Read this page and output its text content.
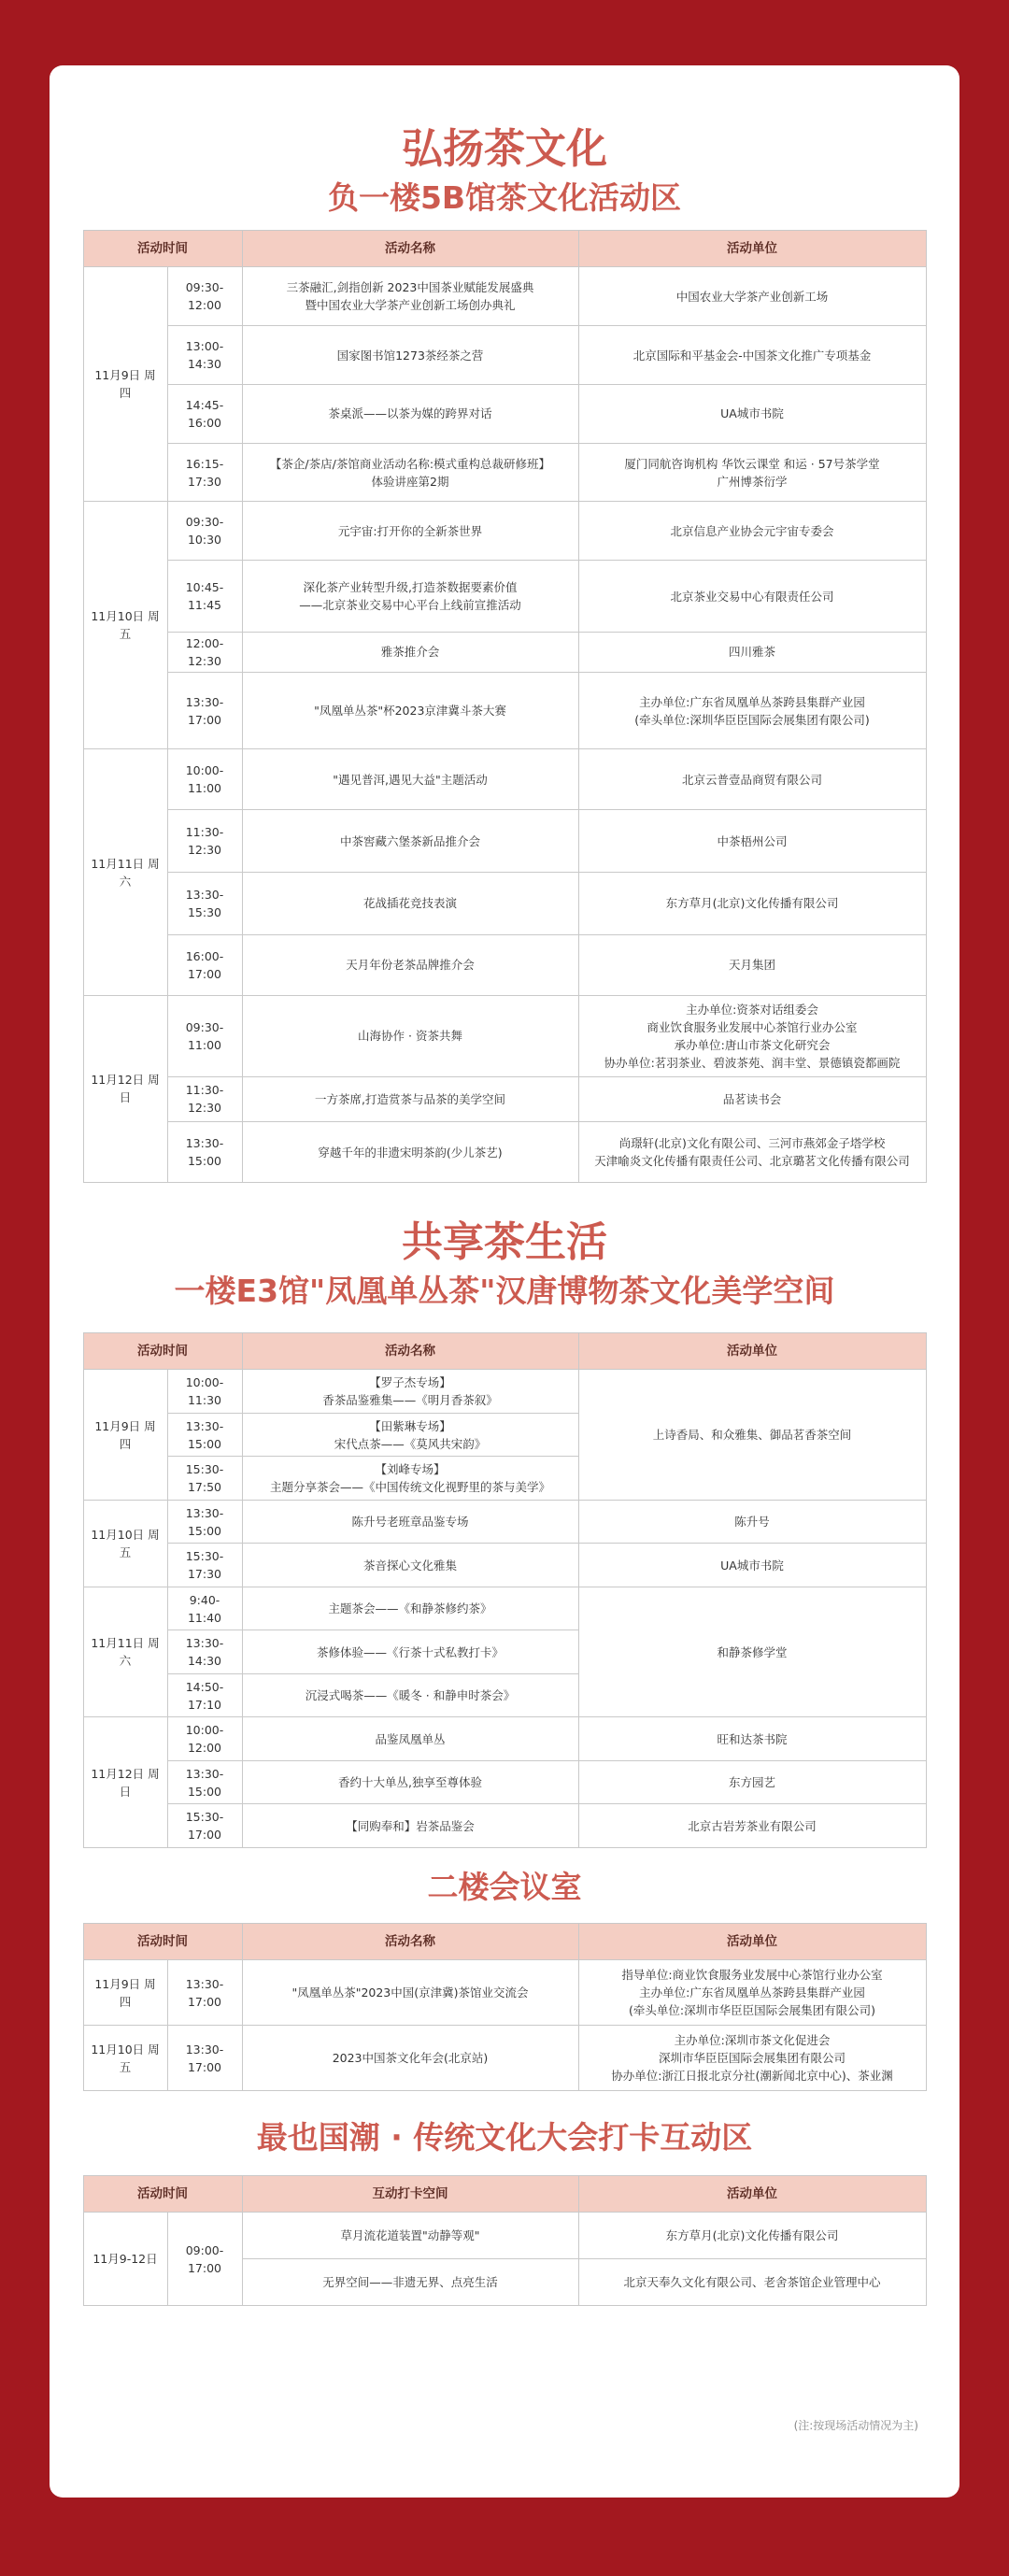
弘扬茶文化
负一楼5B馆茶文化活动区
活动时间		活动名称	活动单位
11月9日 周四	09:30-12:00	三茶融汇,剑指创新 2023中国茶业赋能发展盛典
暨中国农业大学茶产业创新工场创办典礼	中国农业大学茶产业创新工场
	13:00-14:30	国家图书馆1273茶经茶之营	北京国际和平基金会-中国茶文化推广专项基金
	14:45-16:00	茶桌派——以茶为媒的跨界对话	UA城市书院
	16:15-17:30	【茶企/茶店/茶馆商业活动名称:模式重构总裁研修班】
体验讲座第2期	厦门同航咨询机构 华饮云课堂 和运 · 57号茶学堂
广州博茶衍学
11月10日 周五	09:30-10:30	元宇宙:打开你的全新茶世界	北京信息产业协会元宇宙专委会
	10:45-11:45	深化茶产业转型升级,打造茶数据要素价值
——北京茶业交易中心平台上线前宣推活动	北京茶业交易中心有限责任公司
	12:00-12:30	雅茶推介会	四川雅茶
	13:30-17:00	"凤凰单丛茶"杯2023京津冀斗茶大赛	主办单位:广东省凤凰单丛茶跨县集群产业园
(牵头单位:深圳华臣臣国际会展集团有限公司)
11月11日 周六	10:00-11:00	"遇见普洱,遇见大益"主题活动	北京云普壹品商贸有限公司
	11:30-12:30	中茶窖藏六堡茶新品推介会	中茶梧州公司
	13:30-15:30	花战插花竞技表演	东方草月(北京)文化传播有限公司
	16:00-17:00	天月年份老茶品牌推介会	天月集团
11月12日 周日	09:30-11:00	山海协作 · 资茶共舞	主办单位:资茶对话组委会
商业饮食服务业发展中心茶馆行业办公室
承办单位:唐山市茶文化研究会
协办单位:茗羽茶业、碧波茶苑、润丰堂、景德镇瓷都画院
	11:30-12:30	一方茶席,打造赏茶与品茶的美学空间	品茗读书会
	13:30-15:00	穿越千年的非遗宋明茶韵(少儿茶艺)	尚璟轩(北京)文化有限公司、三河市燕郊金子塔学校
天津喻炎文化传播有限责任公司、北京璐茗文化传播有限公司
共享茶生活
一楼E3馆"凤凰单丛茶"汉唐博物茶文化美学空间
活动时间		活动名称	活动单位
11月9日 周四	10:00-11:30	【罗子杰专场】
香茶品鉴雅集——《明月香茶叙》	上诗香局、和众雅集、御品茗香茶空间
	13:30-15:00	【田紫琳专场】
宋代点茶——《莫风共宋韵》	
	15:30-17:50	【刘峰专场】
主题分享茶会——《中国传统文化视野里的茶与美学》	
11月10日 周五	13:30-15:00	陈升号老班章品鉴专场	陈升号
	15:30-17:30	茶音探心文化雅集	UA城市书院
11月11日 周六	9:40-11:40	主题茶会——《和静茶修约茶》	和静茶修学堂
	13:30-14:30	茶修体验——《行茶十式私教打卡》	
	14:50-17:10	沉浸式喝茶——《暖冬 · 和静申时茶会》	
11月12日 周日	10:00-12:00	品鉴凤凰单丛	旺和达茶书院
	13:30-15:00	香约十大单丛,独享至尊体验	东方园艺
	15:30-17:00	【同购奉和】岩茶品鉴会	北京古岩芳茶业有限公司
二楼会议室
活动时间		活动名称	活动单位
11月9日 周四	13:30-17:00	"凤凰单丛茶"2023中国(京津冀)茶馆业交流会	指导单位:商业饮食服务业发展中心茶馆行业办公室
主办单位:广东省凤凰单丛茶跨县集群产业园
(牵头单位:深圳市华臣臣国际会展集团有限公司)
11月10日 周五	13:30-17:00	2023中国茶文化年会(北京站)	主办单位:深圳市茶文化促进会
深圳市华臣臣国际会展集团有限公司
协办单位:浙江日报北京分社(潮新闻北京中心)、茶业渊
最也国潮 · 传统文化大会打卡互动区
活动时间		互动打卡空间	活动单位
11月9-12日	09:00-17:00	草月流花道装置"动静等观"	东方草月(北京)文化传播有限公司
		无界空间——非遗无界、点亮生活	北京天奉久文化有限公司、老舍茶馆企业管理中心
(注:按现场活动情况为主)
